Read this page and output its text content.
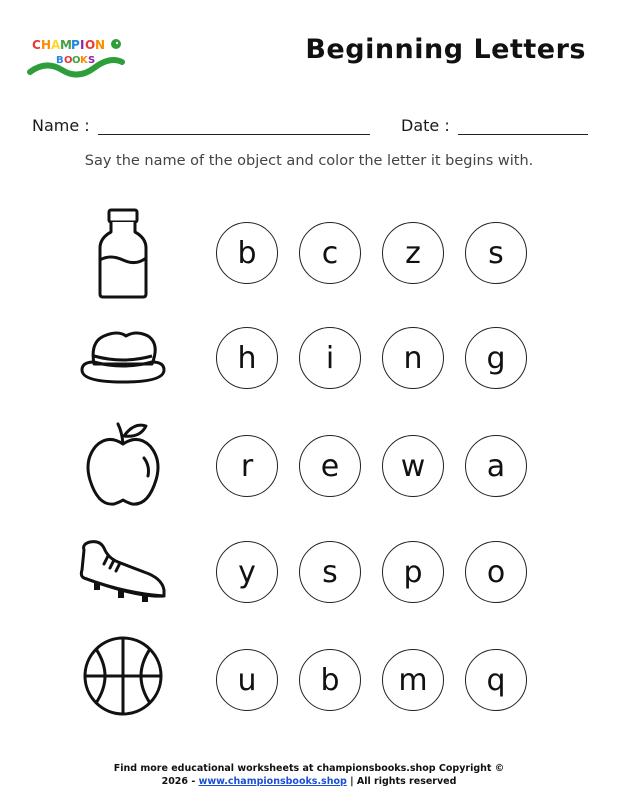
C H A M P I O N
B O O K S	Beginning Letters
Name :	Date :
Say the name of the object and color the letter it begins with.
b	c	z	s
h	i	n	g
r	e	w	a
y	s	p	o
u	b	m	q
Find more educational worksheets at championsbooks.shop Copyright ©
2026 - www.championsbooks.shop | All rights reserved
